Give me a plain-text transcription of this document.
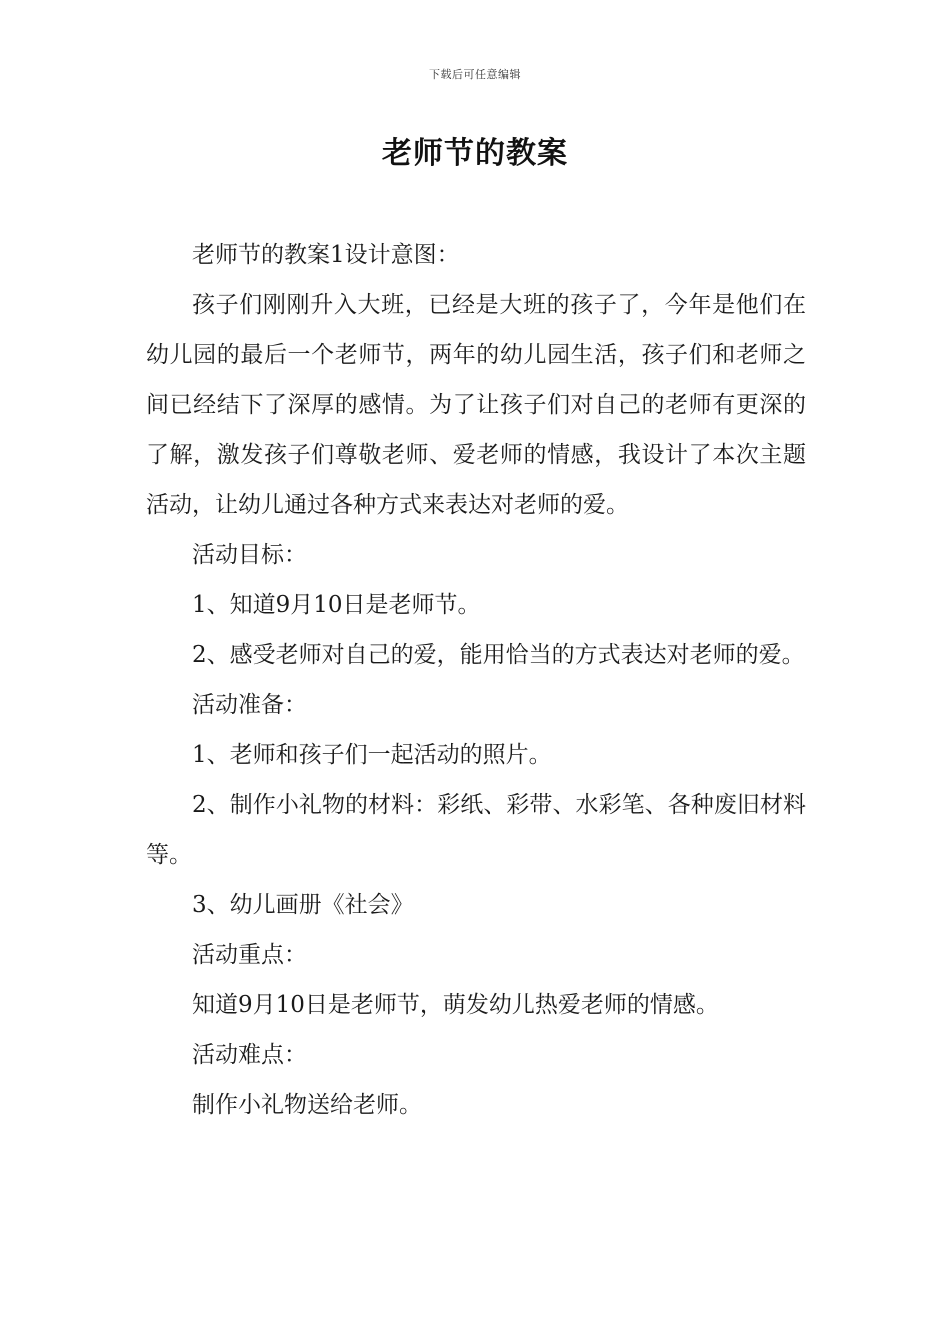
下载后可任意编辑
老师节的教案

老师节的教案1设计意图：

孩子们刚刚升入大班，已经是大班的孩子了，今年是他们在幼儿园的最后一个老师节，两年的幼儿园生活，孩子们和老师之间已经结下了深厚的感情。为了让孩子们对自己的老师有更深的了解，激发孩子们尊敬老师、爱老师的情感，我设计了本次主题活动，让幼儿通过各种方式来表达对老师的爱。

活动目标：

1、知道9月10日是老师节。

2、感受老师对自己的爱，能用恰当的方式表达对老师的爱。

活动准备：

1、老师和孩子们一起活动的照片。

2、制作小礼物的材料：彩纸、彩带、水彩笔、各种废旧材料等。

3、幼儿画册《社会》

活动重点：

知道9月10日是老师节，萌发幼儿热爱老师的情感。

活动难点：

制作小礼物送给老师。
